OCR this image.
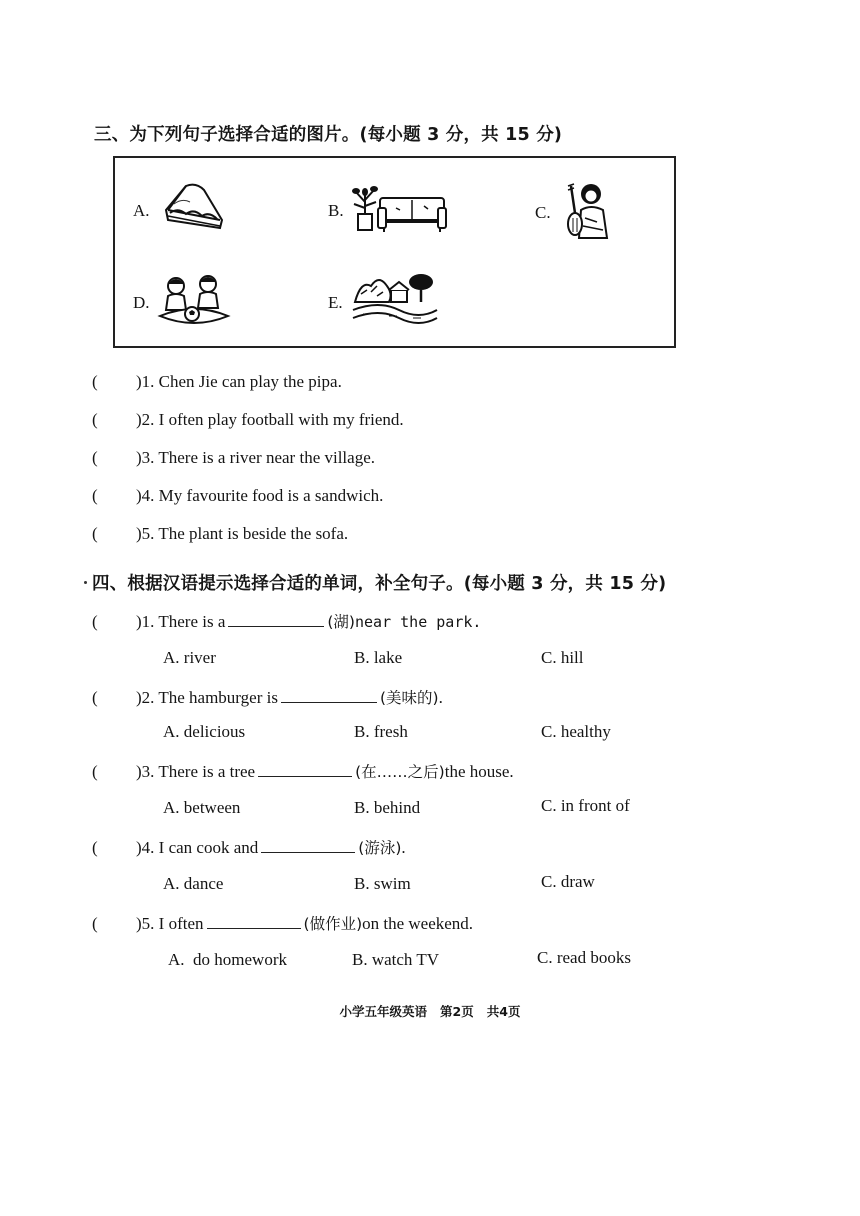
三、为下列句子选择合适的图片。(每小题 3 分，共 15 分)
A.	B.	C.
D.	E.
( )1. Chen Jie can play the pipa.
( )2. I often play football with my friend.
( )3. There is a river near the village.
( )4. My favourite food is a sandwich.
( )5. The plant is beside the sofa.
四、根据汉语提示选择合适的单词，补全句子。(每小题 3 分，共 15 分)
( )1. There is a	(湖)near the park.
A. river	B. lake	C. hill
( )2. The hamburger is	(美味的).
A. delicious	B. fresh	C. healthy
( )3. There is a tree	(在……之后)the house.
A. between	B. behind	C. in front of
( )4. I can cook and	(游泳).
A. dance	B. swim	C. draw
( )5. I often	(做作业)on the weekend.
A.  do homework	B. watch TV	C. read books
小学五年级英语   第2页   共4页
